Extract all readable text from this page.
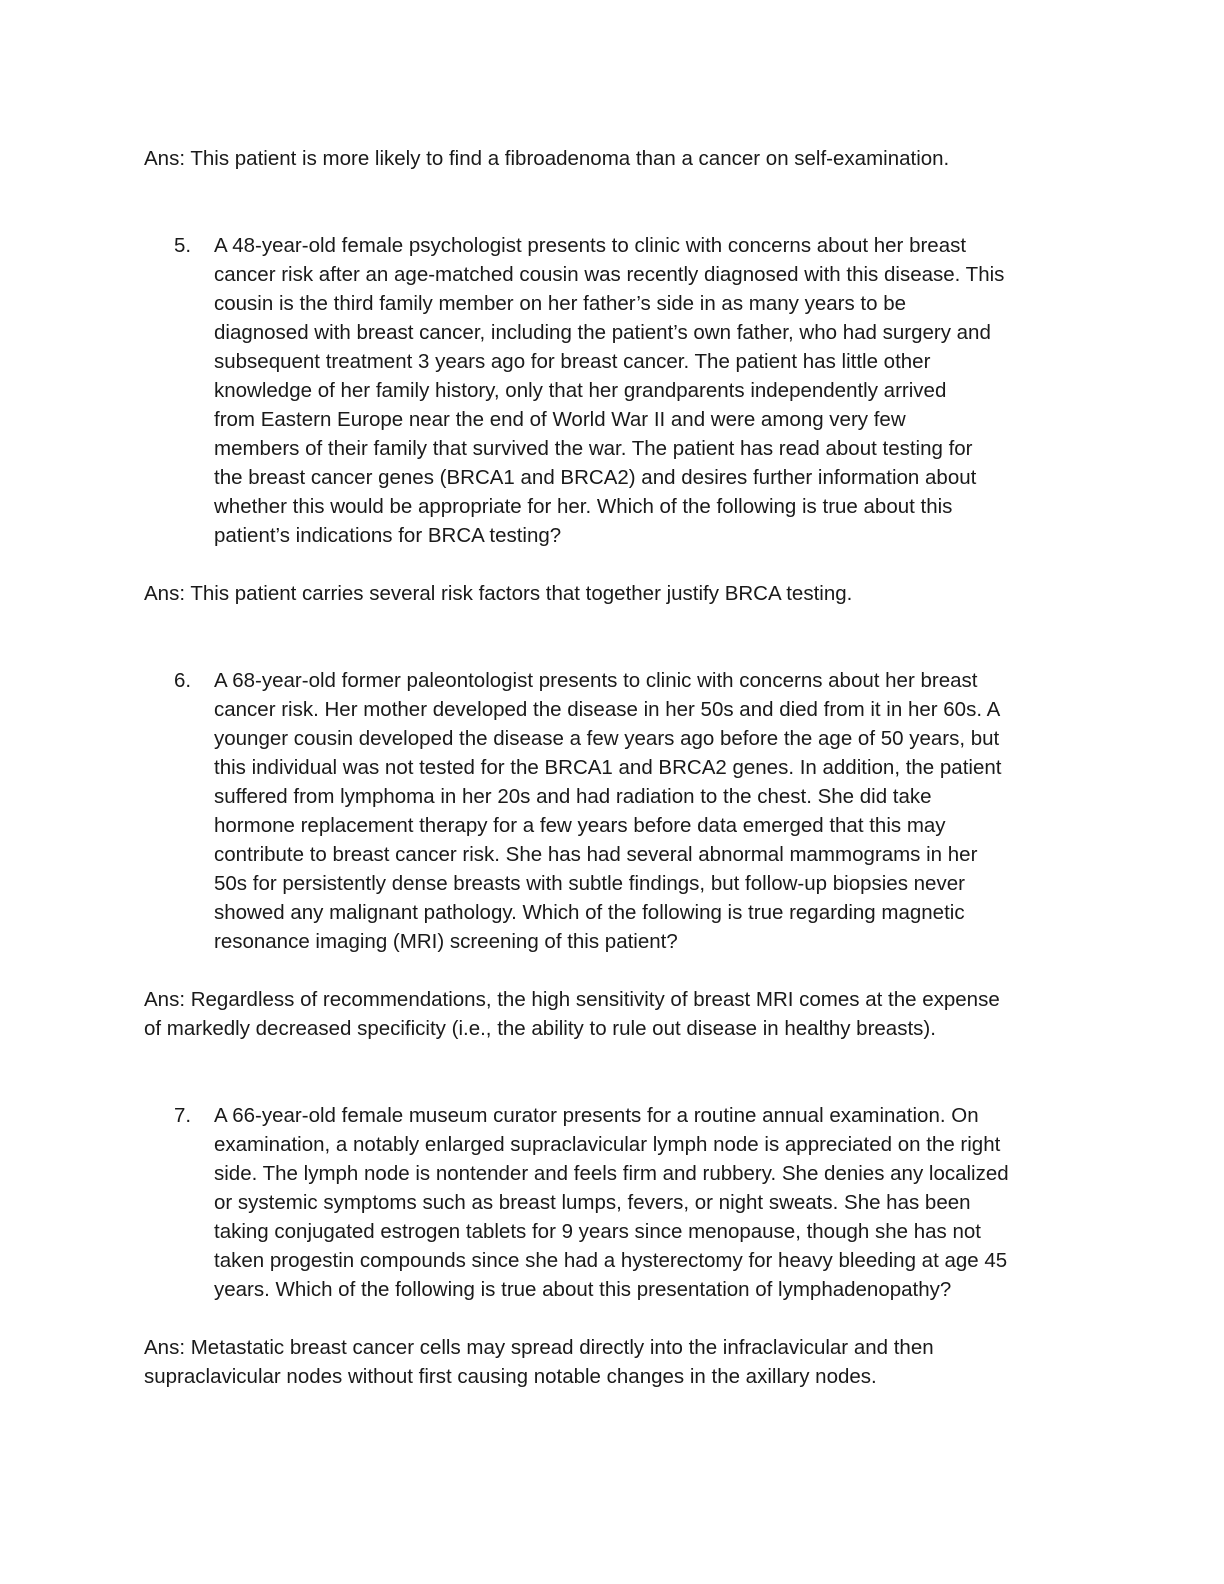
Ans: This patient is more likely to find a fibroadenoma than a cancer on self-examination.
5.	A 48-year-old female psychologist presents to clinic with concerns about her breast
cancer risk after an age-matched cousin was recently diagnosed with this disease. This
cousin is the third family member on her father’s side in as many years to be
diagnosed with breast cancer, including the patient’s own father, who had surgery and
subsequent treatment 3 years ago for breast cancer. The patient has little other
knowledge of her family history, only that her grandparents independently arrived
from Eastern Europe near the end of World War II and were among very few
members of their family that survived the war. The patient has read about testing for
the breast cancer genes (BRCA1 and BRCA2) and desires further information about
whether this would be appropriate for her. Which of the following is true about this
patient’s indications for BRCA testing?
Ans: This patient carries several risk factors that together justify BRCA testing.
6.	A 68-year-old former paleontologist presents to clinic with concerns about her breast
cancer risk. Her mother developed the disease in her 50s and died from it in her 60s. A
younger cousin developed the disease a few years ago before the age of 50 years, but
this individual was not tested for the BRCA1 and BRCA2 genes. In addition, the patient
suffered from lymphoma in her 20s and had radiation to the chest. She did take
hormone replacement therapy for a few years before data emerged that this may
contribute to breast cancer risk. She has had several abnormal mammograms in her
50s for persistently dense breasts with subtle findings, but follow-up biopsies never
showed any malignant pathology. Which of the following is true regarding magnetic
resonance imaging (MRI) screening of this patient?
Ans: Regardless of recommendations, the high sensitivity of breast MRI comes at the expense
of markedly decreased specificity (i.e., the ability to rule out disease in healthy breasts).
7.	A 66-year-old female museum curator presents for a routine annual examination. On
examination, a notably enlarged supraclavicular lymph node is appreciated on the right
side. The lymph node is nontender and feels firm and rubbery. She denies any localized
or systemic symptoms such as breast lumps, fevers, or night sweats. She has been
taking conjugated estrogen tablets for 9 years since menopause, though she has not
taken progestin compounds since she had a hysterectomy for heavy bleeding at age 45
years. Which of the following is true about this presentation of lymphadenopathy?
Ans: Metastatic breast cancer cells may spread directly into the infraclavicular and then
supraclavicular nodes without first causing notable changes in the axillary nodes.
